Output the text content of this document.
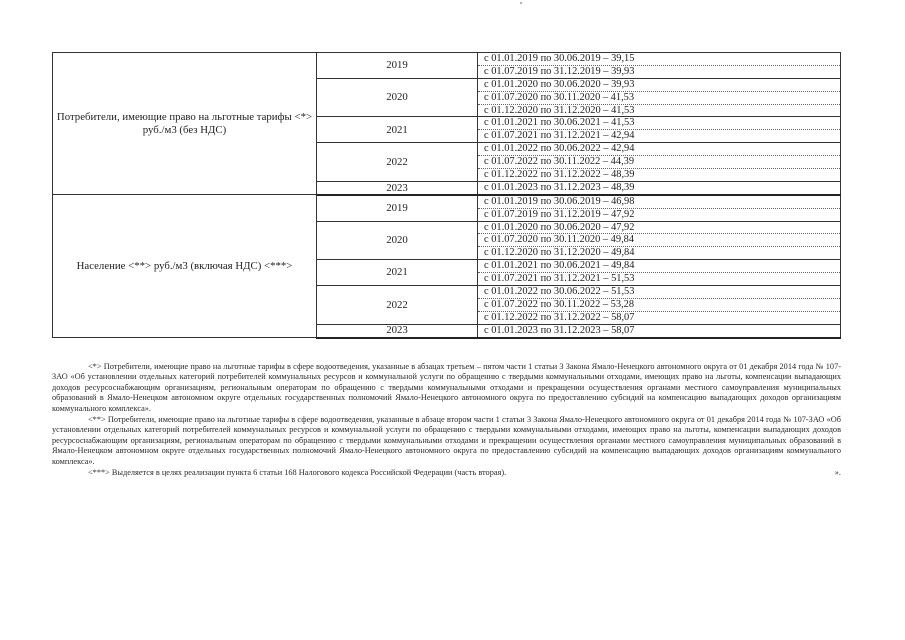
Потребители, имеющие право на льготные тарифы <*> руб./м3 (без НДС)	2019	с 01.01.2019 по 30.06.2019 – 39,15
с 01.07.2019 по 31.12.2019 – 39,93

	2020	с 01.01.2020 по 30.06.2020 – 39,93
с 01.07.2020 по 30.11.2020 – 41,53
с 01.12.2020 по 31.12.2020 – 41,53

	2021	с 01.01.2021 по 30.06.2021 – 41,53
с 01.07.2021 по 31.12.2021 – 42,94

	2022	с 01.01.2022 по 30.06.2022 – 42,94
с 01.07.2022 по 30.11.2022 – 44,39
с 01.12.2022 по 31.12.2022 – 48,39

	2023	с 01.01.2023 по 31.12.2023 – 48,39

Население <**> руб./м3 (включая НДС) <***>	2019	с 01.01.2019 по 30.06.2019 – 46,98
с 01.07.2019 по 31.12.2019 – 47,92

	2020	с 01.01.2020 по 30.06.2020 – 47,92
с 01.07.2020 по 30.11.2020 – 49,84
с 01.12.2020 по 31.12.2020 – 49,84

	2021	с 01.01.2021 по 30.06.2021 – 49,84
с 01.07.2021 по 31.12.2021 – 51,53

	2022	с 01.01.2022 по 30.06.2022 – 51,53
с 01.07.2022 по 30.11.2022 – 53,28
с 01.12.2022 по 31.12.2022 – 58,07

	2023	с 01.01.2023 по 31.12.2023 – 58,07

<*> Потребители, имеющие право на льготные тарифы в сфере водоотведения, указанные в абзацах третьем – пятом части 1 статьи 3 Закона Ямало-Ненецкого автономного округа от 01 декабря 2014 года № 107-ЗАО «Об установлении отдельных категорий потребителей коммунальных ресурсов и коммунальной услуги по обращению с твердыми коммунальными отходами, имеющих право на льготы, компенсации выпадающих доходов ресурсоснабжающим организациям, региональным операторам по обращению с твердыми коммунальными отходами и прекращении осуществления органами местного самоуправления муниципальных образований в Ямало-Ненецком автономном округе отдельных государственных полномочий Ямало-Ненецкого автономного округа по предоставлению субсидий на компенсацию выпадающих доходов организациям коммунального комплекса».

<**> Потребители, имеющие право на льготные тарифы в сфере водоотведения, указанные в абзаце втором части 1 статьи 3 Закона Ямало-Ненецкого автономного округа от 01 декабря 2014 года № 107-ЗАО «Об установлении отдельных категорий потребителей коммунальных ресурсов и коммунальной услуги по обращению с твердыми коммунальными отходами, имеющих право на льготы, компенсации выпадающих доходов ресурсоснабжающим организациям, региональным операторам по обращению с твердыми коммунальными отходами и прекращении осуществления органами местного самоуправления муниципальных образований в Ямало-Ненецком автономном округе отдельных государственных полномочий Ямало-Ненецкого автономного округа по предоставлению субсидий на компенсацию выпадающих доходов организациям коммунального комплекса».

<***> Выделяется в целях реализации пункта 6 статьи 168 Налогового кодекса Российской Федерации (часть вторая).	».
